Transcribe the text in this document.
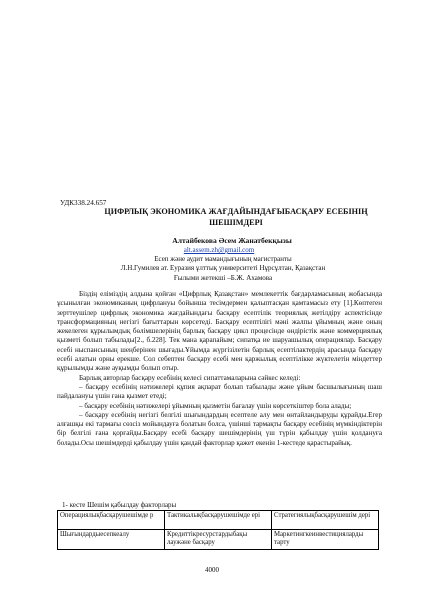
УДК338.24.657
ЦИФРЛЫҚ ЭКОНОМИКА ЖАҒДАЙЫНДАҒЫБАСҚАРУ ЕСЕБІНІҢ
ШЕШІМДЕРІ
Алтайбекова Әсем Жанатбекқызы
alt.assem.zh@gmail.com
Есеп және аудит мамандығының магистранты
Л.Н.Гумилев ат. Еуразия ұлттық университеті Нұрсұлтан, Қазақстан
Ғылыми жетекші –Б.Ж. Ахамова

Біздің еліміздің алдына қойған «Цифрлық Қазақстан» мемлекеттік бағдарламасының жобасында ұсынылған экономиканың цифрлануы бойынша тесімдермен қалыптасқан қамтамасыз ету [1].Көптеген зерттеушілер цифрлық экономика жағдайындағы басқару есептілік теориялық жетілдіру аспектісінде трансформацияның негізгі бағыттарын көрсетеді. Басқару есептілігі мәні жалпы ұйымның және оның жекелеген құрылымдық бөлімшелерінің барлық басқару цикл процесінде өндірістік және коммерциялық қызметі болып табылады[2., б.228]. Тек мана қарапайым; сипатқа ие шаруашылық операциялар. Басқару есебі ныспансының шеңберінен шығады.Ұйымда жүргізілетін барлық есептілактердің арасында басқару есебі алатын орны ерекше. Сол себептен басқару есебі мен қаржылық есептілікке жүктелетін міндеттер құрылымды және ауқымды болып отыр.

Барлық авторлар басқару есебінің келесі сипаттамаларына сәйкес келеді:

– басқару есебінің нәтижелері құпия ақпарат болып табылады және ұйым басшылығының шаш пайдалануы үшін ғана қызмет етеді;

– басқару есебінің нәтижелері ұйымның қызметін бағалау үшін көрсеткіштер бола алады;

– басқару есебінің негізгі белгілі шығындардың есептеле алу мен өнтайландыруды құрайды.Егер алғашқы екі тармағы сөзсіз мойындауға болатын болса, үшінші тармақты басқару есебінің мүмкіндіктерін бір белгілі ғана қорғайды.Басқару есебі басқару шешімдерінің үш түрін қабылдау үшін қолдануға болады.Осы шешімдерді қабылдау үшін қандай факторлар қажет екенін 1-кестеде қарастырайық.

1- кесте Шешім қабылдау факторлары
Операциялықбасқарушешімде р	Тактикалықбасқарушешімде ері	Стратегиялықбасқарушешім дері
Шығындардыесепкеалу	Кредиттікресурстардыбақы лаужәне басқару	Маркетингкеинвестицияларды тарту
4000
